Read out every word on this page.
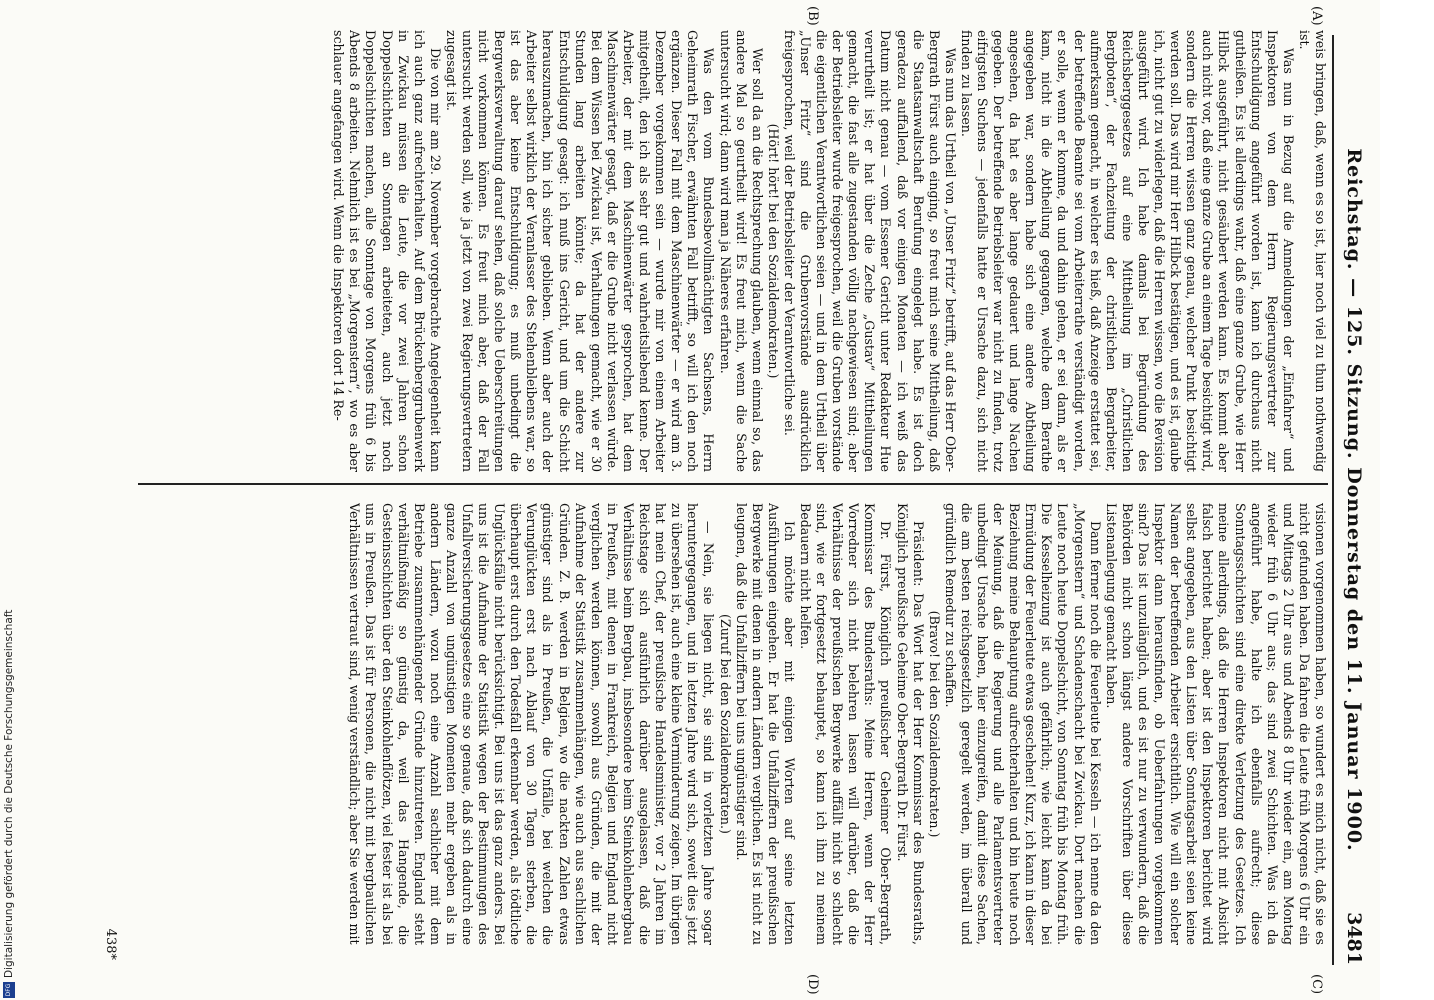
Reichstag. — 125. Sitzung. Donnerstag den 11. Januar 1900.
3481
(A)
(B)
(C)
(D)

weis bringen, daß, wenn es so ist, hier noch viel zu thun nothwendig ist.

Was nun in Bezug auf die Anmeldungen der „Einfahrer“ und Inspektoren von dem Herrn Regierungsvertreter zur Entschuldigung angeführt worden ist, kann ich durchaus nicht gutheißen. Es ist allerdings wahr, daß eine ganze Grube, wie Herr Hilbck ausgeführt, nicht gesäubert werden kann. Es kommt aber auch nicht vor, daß eine ganze Grube an einem Tage besichtigt wird, sondern die Herren wissen ganz genau, welcher Punkt besichtigt werden soll. Das wird mir Herr Hilbck bestätigen, und es ist, glaube ich, nicht gut zu widerlegen, daß die Herren wissen, wo die Revision ausgeführt wird. Ich habe damals bei Begründung des Reichsberggesetzes auf eine Mittheilung im „Christlichen Bergboten“, der Fachzeitung der christlichen Bergarbeiter, aufmerksam gemacht, in welcher es hieß, daß Anzeige erstattet sei, der betreffende Beamte sei vom Arbeiterrathe verständigt worden, er solle, wenn er komme, da und dahin gehen, er sei dann, als er kam, nicht in die Abtheilung gegangen, welche dem Berathe angegeben war, sondern habe sich eine andere Abtheilung angesehen, da hat es aber lange gedauert und lange Nachen gegeben. Der betreffende Betriebsleiter war nicht zu finden, trotz eifrigsten Suchens — jedenfalls hatte er Ursache dazu, sich nicht finden zu lassen.

Was nun das Urtheil von „Unser Fritz“ betrifft, auf das Herr Ober-Bergrath Fürst auch einging, so freut mich seine Mittheilung, daß die Staatsanwaltschaft Berufung eingelegt habe. Es ist doch geradezu auffallend, daß vor einigen Monaten — ich weiß das Datum nicht genau — vom Essener Gericht unter Redakteur Hue verurtheilt ist; er hat über die Zeche „Gustav“ Mittheilungen gemacht, die fast alle zugestanden völlig nachgewiesen sind; aber der Betriebsleiter wurde freigesprochen, weil die Gruben vorstände die eigentlichen Verantwortlichen seien — und in dem Urtheil über „Unser Fritz“ sind die Grubenvorstände ausdrücklich freigesprochen, weil der Betriebsleiter der Verantwortliche sei.

(Hört! hört! bei den Sozialdemokraten.)

Wer soll da an die Rechtsprechung glauben, wenn einmal so, das andere Mal so geurtheilt wird! Es freut mich, wenn die Sache untersucht wird; dann wird man ja Näheres erfahren.

Was den vom Bundesbevollmächtigten Sachsens, Herrn Geheimrath Fischer, erwähnten Fall betrifft, so will ich den noch ergänzen. Dieser Fall mit dem Maschinenwärter — er wird am 3. Dezember vorgekommen sein — wurde mir von einem Arbeiter mitgetheilt, den ich als sehr gut und wahrheitsliebend kenne. Der Arbeiter, der mit dem Maschinenwärter gesprochen, hat dem Maschinenwärter gesagt, daß er die Grube nicht verlassen würde. Bei dem Wissen bei Zwickau ist, Verhaltungen gemacht, wie er 30 Stunden lang arbeiten könnte; da hat der andere zur Entschuldigung gesagt: ich muß ins Gericht, und um die Schicht herauszumachen, bin ich sicher geblieben. Wenn aber auch der Arbeiter selbst wirklich der Veranlasser des Stehenbleibens war, so ist das aber keine Entschuldigung; es muß unbedingt die Bergwerksverwaltung darauf sehen, daß solche Ueberschreitungen nicht vorkommen können. Es freut mich aber, daß der Fall untersucht werden soll, wie ja jetzt von zwei Regierungsvertretern zugesagt ist.

Die von mir am 29. November vorgebrachte Angelegenheit kann ich auch ganz aufrechterhalten. Auf dem Brückenberggrubenwerk in Zwickau müssen die Leute, die vor zwei Jahren schon Doppelschichten an Sonntagen arbeiteten, auch jetzt noch Doppelschichten machen, alle Sonntage von Morgens früh 6 bis Abends 8 arbeiten. Nehmlich ist es bei „Morgenstern“, wo es aber schlauer angefangen wird. Wenn die Inspektoren dort 14 Re-

visionen vorgenommen haben, so wundert es mich nicht, daß sie es nicht gefunden haben. Da fahren die Leute früh Morgens 6 Uhr ein und Mittags 2 Uhr aus und Abends 8 Uhr wieder ein, am Montag wieder früh 6 Uhr aus; das sind zwei Schichten. Was ich da angeführt habe, halte ich ebenfalls aufrecht; diese Sonntagsschichten sind eine direkte Verletzung des Gesetzes. Ich meine allerdings, daß die Herren Inspektoren nicht mit Absicht falsch berichtet haben; aber ist den Inspektoren berichtet wird selbst angegeben, aus den Listen über Sonntagsarbeit seien keine Namen der betreffenden Arbeiter ersichtlich. Wie will ein solcher Inspektor dann herausfinden, ob Ueberfahrungen vorgekommen sind? Das ist unzulänglich, und es ist nur zu verwundern, daß die Behörden nicht schon längst andere Vorschriften über diese Listenanlegung gemacht haben.

Dann ferner noch die Feuerleute bei Kesseln — ich nenne da den „Morgenstern“ und Schadenschacht bei Zwickau. Dort machen die Leute noch heute Doppelschicht, von Sonntag früh bis Montag früh. Die Kesselheizung ist auch gefährlich; wie leicht kann da bei Ermüdung der Feuerleute etwas geschehen! Kurz, ich kann in dieser Beziehung meine Behauptung aufrechterhalten und bin heute noch der Meinung, daß die Regierung und alle Parlamentsvertreter unbedingt Ursache haben, hier einzugreifen, damit diese Sachen, die am besten reichsgesetzlich geregelt werden, im überall und gründlich Remedur zu schaffen.

(Bravo! bei den Sozialdemokraten.)

Präsident: Das Wort hat der Herr Kommissar des Bundesraths, Königlich preußische Geheime Ober-Bergrath Dr. Fürst.

Dr. Fürst, Königlich preußischer Geheimer Ober-Bergrath, Kommissar des Bundesraths: Meine Herren, wenn der Herr Vorredner sich nicht belehren lassen will darüber, daß die Verhältnisse der preußischen Bergwerke auffällt nicht so schlecht sind, wie er fortgesetzt behauptet, so kann ich ihm zu meinem Bedauern nicht helfen.

Ich möchte aber mit einigen Worten auf seine letzten Ausführungen eingehen. Er hat die Unfallziffern der preußischen Bergwerke mit denen in andern Ländern verglichen. Es ist nicht zu leugnen, daß die Unfallziffern bei uns ungünstiger sind.

(Zuruf bei den Sozialdemokraten.)

— Nein, sie liegen nicht, sie sind in vorletzten Jahre sogar heruntergegangen, und in letzten Jahre wird sich, soweit dies jetzt zu übersehen ist, auch eine kleine Verminderung zeigen. Im übrigen hat mein Chef, der preußische Handelsminister, vor 2 Jahren im Reichstage sich ausführlich darüber ausgelassen, daß die Verhältnisse beim Bergbau, insbesondere beim Steinkohlenbergbau in Preußen, mit denen in Frankreich, Belgien und England nicht verglichen werden können, sowohl aus Gründen, die mit der Aufnahme der Statistik zusammenhängen, wie auch aus sachlichen Gründen. Z. B. werden in Belgien, wo die nackten Zahlen etwas günstiger sind als in Preußen, die Unfälle, bei welchen die Verunglückten erst nach Ablauf von 30 Tagen sterben, die überhaupt erst durch den Todesfall erkennbar werden, als tödtliche Unglücksfälle nicht berücksichtigt. Bei uns ist das ganz anders. Bei uns ist die Aufnahme der Statistik wegen der Bestimmungen des Unfallversicherungsgesetzes eine so genaue, daß sich dadurch eine ganze Anzahl von ungünstigen Momenten mehr ergeben als in andern Ländern, wozu noch eine Anzahl sachlicher mit dem Betriebe zusammenhängender Gründe hinzutreten. England steht verhältnißmäßig so günstig da, weil das Hangende, die Gesteinsschichten über den Steinkohlenflötzen, viel fester ist als bei uns in Preußen. Das ist für Personen, die nicht mit bergbaulichen Verhältnissen vertraut sind, wenig verständlich; aber Sie werden mit

438*
Digitalisierung gefördert durch die Deutsche Forschungsgemeinschaft
DFG
